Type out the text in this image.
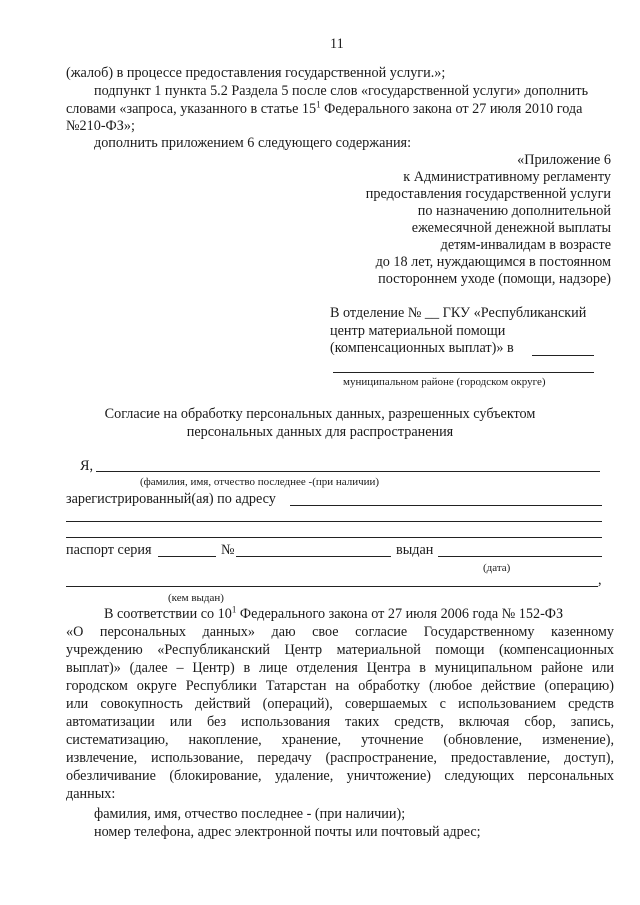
11
(жалоб) в процессе предоставления государственной услуги.»;
подпункт 1 пункта 5.2 Раздела 5 после слов «государственной услуги» дополнить
словами «запроса, указанного в статье $15^1$ Федерального закона от 27 июля 2010 года
№210-ФЗ»;
дополнить приложением 6 следующего содержания:
«Приложение 6
к Административному регламенту
предоставления государственной услуги
по назначению дополнительной
ежемесячной денежной выплаты
детям-инвалидам в возрасте
до 18 лет, нуждающимся в постоянном
постороннем уходе (помощи, надзоре)
В отделение № __ ГКУ «Республиканский
центр материальной помощи
(компенсационных выплат)» в
муниципальном районе (городском округе)
Согласие на обработку персональных данных, разрешенных субъектом
персональных данных для распространения
Я,
(фамилия, имя, отчество последнее -(при наличии)
зарегистрированный(ая) по адресу
паспорт серия	№	выдан
(дата)
,
(кем выдан)
В соответствии со $10^1$ Федерального закона от 27 июля 2006 года № 152-ФЗ
«О персональных данных» даю свое согласие Государственному казенному
учреждению «Республиканский Центр материальной помощи (компенсационных
выплат)» (далее – Центр) в лице отделения Центра в муниципальном районе или
городском округе Республики Татарстан на обработку (любое действие (операцию)
или совокупность действий (операций), совершаемых с использованием средств
автоматизации или без использования таких средств, включая сбор, запись,
систематизацию, накопление, хранение, уточнение (обновление, изменение),
извлечение, использование, передачу (распространение, предоставление, доступ),
обезличивание (блокирование, удаление, уничтожение) следующих персональных
данных:
фамилия, имя, отчество последнее - (при наличии);
номер телефона, адрес электронной почты или почтовый адрес;
